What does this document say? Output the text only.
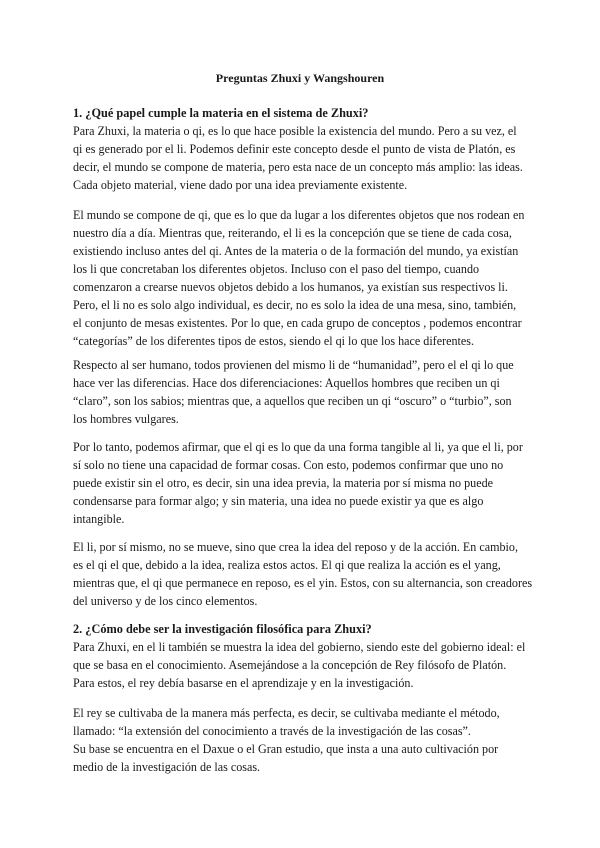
Preguntas Zhuxi y Wangshouren
1. ¿Qué papel cumple la materia en el sistema de Zhuxi?
Para Zhuxi, la materia o qi, es lo que hace posible la existencia del mundo. Pero a su vez, el
qi es generado por el li. Podemos definir este concepto desde el punto de vista de Platón, es
decir, el mundo se compone de materia, pero esta nace de un concepto más amplio: las ideas.
Cada objeto material, viene dado por una idea previamente existente.
El mundo se compone de qi, que es lo que da lugar a los diferentes objetos que nos rodean en
nuestro día a día. Mientras que, reiterando, el li es la concepción que se tiene de cada cosa,
existiendo incluso antes del qi. Antes de la materia o de la formación del mundo, ya existían
los li que concretaban los diferentes objetos. Incluso con el paso del tiempo, cuando
comenzaron a crearse nuevos objetos debido a los humanos, ya existían sus respectivos li.
Pero, el li no es solo algo individual, es decir, no es solo la idea de una mesa, sino, también,
el conjunto de mesas existentes. Por lo que, en cada grupo de conceptos , podemos encontrar
“categorías” de los diferentes tipos de estos, siendo el qi lo que los hace diferentes.
Respecto al ser humano, todos provienen del mismo li de “humanidad”, pero el el qi lo que
hace ver las diferencias. Hace dos diferenciaciones: Aquellos hombres que reciben un qi
“claro”, son los sabios; mientras que, a aquellos que reciben un qi “oscuro” o “turbio”, son
los hombres vulgares.
Por lo tanto, podemos afirmar, que el qi es lo que da una forma tangible al li, ya que el li, por
sí solo no tiene una capacidad de formar cosas. Con esto, podemos confirmar que uno no
puede existir sin el otro, es decir, sin una idea previa, la materia por sí misma no puede
condensarse para formar algo; y sin materia, una idea no puede existir ya que es algo
intangible.
El li, por sí mismo, no se mueve, sino que crea la idea del reposo y de la acción. En cambio,
es el qi el que, debido a la idea, realiza estos actos. El qi que realiza la acción es el yang,
mientras que, el qi que permanece en reposo, es el yin. Estos, con su alternancia, son creadores
del universo y de los cinco elementos.
2. ¿Cómo debe ser la investigación filosófica para Zhuxi?
Para Zhuxi, en el li también se muestra la idea del gobierno, siendo este del gobierno ideal: el
que se basa en el conocimiento. Asemejándose a la concepción de Rey filósofo de Platón.
Para estos, el rey debía basarse en el aprendizaje y en la investigación.
El rey se cultivaba de la manera más perfecta, es decir, se cultivaba mediante el método,
llamado: “la extensión del conocimiento a través de la investigación de las cosas”.
Su base se encuentra en el Daxue o el Gran estudio, que insta a una auto cultivación por
medio de la investigación de las cosas.
